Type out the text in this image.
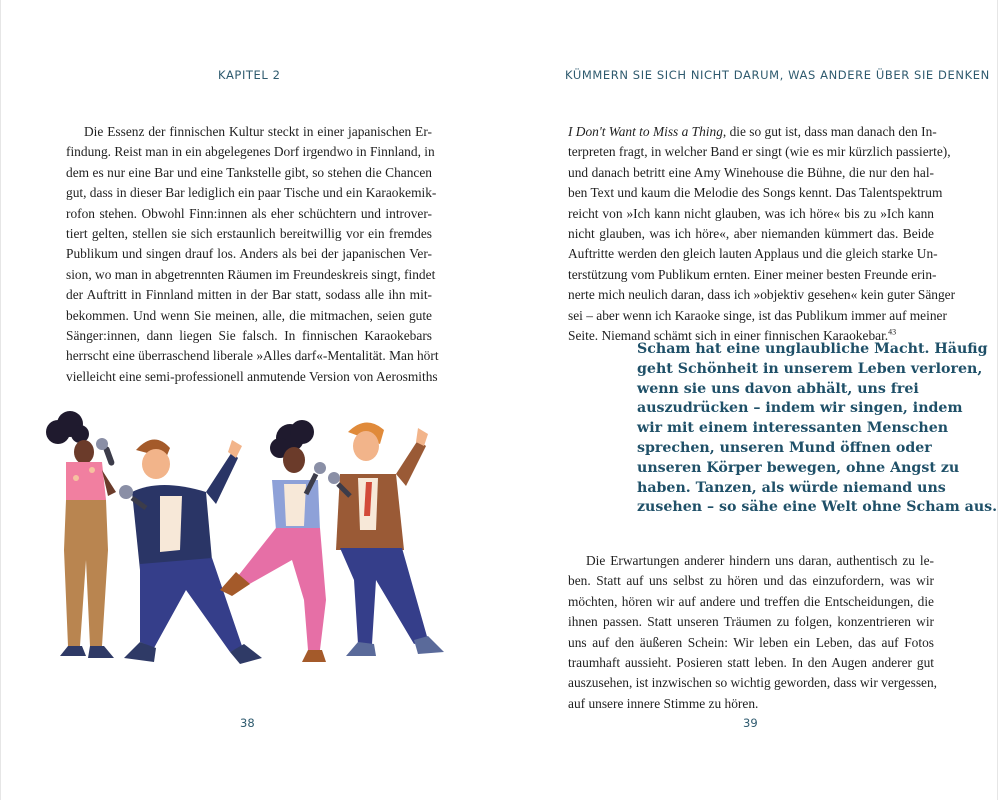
KAPITEL 2
Die Essenz der finnischen Kultur steckt in einer japanischen Er-
findung. Reist man in ein abgelegenes Dorf irgendwo in Finnland, in
dem es nur eine Bar und eine Tankstelle gibt, so stehen die Chancen
gut, dass in dieser Bar lediglich ein paar Tische und ein Karaokemik-
rofon stehen. Obwohl Finn:innen als eher schüchtern und introver-
tiert gelten, stellen sie sich erstaunlich bereitwillig vor ein fremdes
Publikum und singen drauf los. Anders als bei der japanischen Ver-
sion, wo man in abgetrennten Räumen im Freundeskreis singt, findet
der Auftritt in Finnland mitten in der Bar statt, sodass alle ihn mit-
bekommen. Und wenn Sie meinen, alle, die mitmachen, seien gute
Sänger:innen, dann liegen Sie falsch. In finnischen Karaokebars
herrscht eine überraschend liberale »Alles darf«-Mentalität. Man hört
vielleicht eine semi-professionell anmutende Version von Aerosmiths
38
KÜMMERN SIE SICH NICHT DARUM, WAS ANDERE ÜBER SIE DENKEN
I Don't Want to Miss a Thing, die so gut ist, dass man danach den In-
terpreten fragt, in welcher Band er singt (wie es mir kürzlich passierte),
und danach betritt eine Amy Winehouse die Bühne, die nur den hal-
ben Text und kaum die Melodie des Songs kennt. Das Talentspektrum
reicht von »Ich kann nicht glauben, was ich höre« bis zu »Ich kann
nicht glauben, was ich höre«, aber niemanden kümmert das. Beide
Auftritte werden den gleich lauten Applaus und die gleich starke Un-
terstützung vom Publikum ernten. Einer meiner besten Freunde erin-
nerte mich neulich daran, dass ich »objektiv gesehen« kein guter Sänger
sei – aber wenn ich Karaoke singe, ist das Publikum immer auf meiner
Seite. Niemand schämt sich in einer finnischen Karaokebar.$^{43}$
Scham hat eine unglaubliche Macht. Häufig
geht Schönheit in unserem Leben verloren,
wenn sie uns davon abhält, uns frei
auszudrücken – indem wir singen, indem
wir mit einem interessanten Menschen
sprechen, unseren Mund öffnen oder
unseren Körper bewegen, ohne Angst zu
haben. Tanzen, als würde niemand uns
zusehen – so sähe eine Welt ohne Scham aus.
Die Erwartungen anderer hindern uns daran, authentisch zu le-
ben. Statt auf uns selbst zu hören und das einzufordern, was wir
möchten, hören wir auf andere und treffen die Entscheidungen, die
ihnen passen. Statt unseren Träumen zu folgen, konzentrieren wir
uns auf den äußeren Schein: Wir leben ein Leben, das auf Fotos
traumhaft aussieht. Posieren statt leben. In den Augen anderer gut
auszusehen, ist inzwischen so wichtig geworden, dass wir vergessen,
auf unsere innere Stimme zu hören.
39
